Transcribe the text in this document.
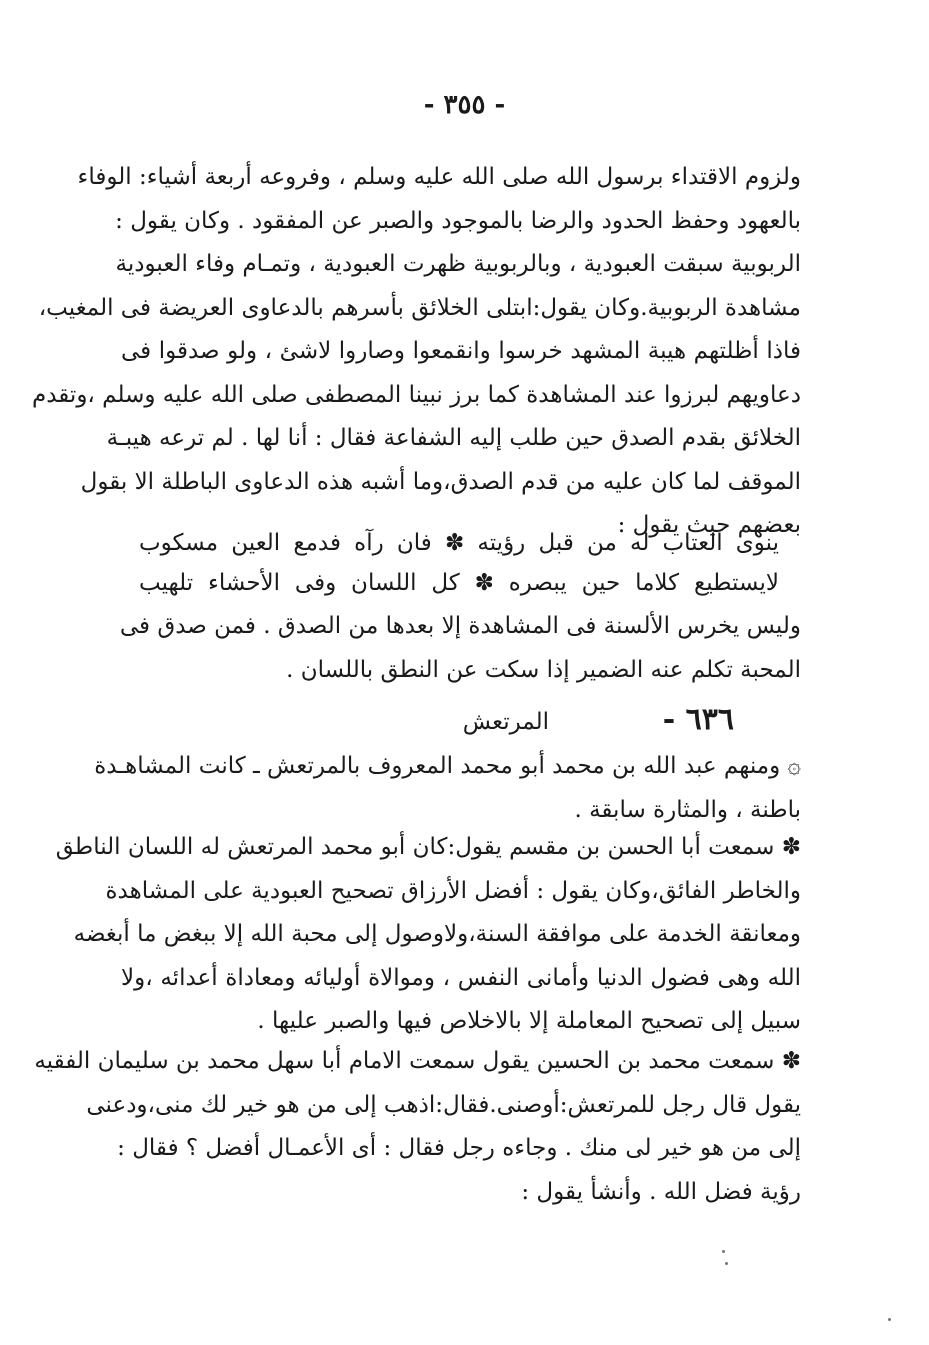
- ٣٥٥ -
ولزوم الاقتداء برسول الله صلى الله عليه وسلم ، وفروعه أربعة أشياء: الوفاء
بالعهود وحفظ الحدود والرضا بالموجود والصبر عن المفقود . وكان يقول :
الربوبية سبقت العبودية ، وبالربوبية ظهرت العبودية ، وتمـام وفاء العبودية
مشاهدة الربوبية.وكان يقول:ابتلى الخلائق بأسرهم بالدعاوى العريضة فى المغيب،
فاذا أظلتهم هيبة المشهد خرسوا وانقمعوا وصاروا لاشئ ، ولو صدقوا فى
دعاويهم لبرزوا عند المشاهدة كما برز نبينا المصطفى صلى الله عليه وسلم ،وتقدم
الخلائق بقدم الصدق حين طلب إليه الشفاعة فقال : أنا لها . لم ترعه هيبـة
الموقف لما كان عليه من قدم الصدق،وما أشبه هذه الدعاوى الباطلة الا بقول
بعضهم حيث يقول :
ينوى العتاب له من قبل رؤيته ✽ فان رآه فدمع العين مسكوب
لايستطيع كلاما حين يبصره ✽ كل اللسان وفى الأحشاء تلهيب
وليس يخرس الألسنة فى المشاهدة إلا بعدها من الصدق . فمن صدق فى
المحبة تكلم عنه الضمير إذا سكت عن النطق باللسان .
٦٣٦ -
المرتعش
۞ ومنهم عبد الله بن محمد أبو محمد المعروف بالمرتعش ـ كانت المشاهـدة
باطنة ، والمثارة سابقة .
✽ سمعت أبا الحسن بن مقسم يقول:كان أبو محمد المرتعش له اللسان الناطق
والخاطر الفائق،وكان يقول : أفضل الأرزاق تصحيح العبودية على المشاهدة
ومعانقة الخدمة على موافقة السنة،ولاوصول إلى محبة الله إلا ببغض ما أبغضه
الله وهى فضول الدنيا وأمانى النفس ، وموالاة أوليائه ومعاداة أعدائه ،ولا
سبيل إلى تصحيح المعاملة إلا بالاخلاص فيها والصبر عليها .
✽ سمعت محمد بن الحسين يقول سمعت الامام أبا سهل محمد بن سليمان الفقيه
يقول قال رجل للمرتعش:أوصنى.فقال:اذهب إلى من هو خير لك منى،ودعنى
إلى من هو خير لى منك . وجاءه رجل فقال : أى الأعمـال أفضل ؟ فقال :
رؤية فضل الله . وأنشأ يقول :
